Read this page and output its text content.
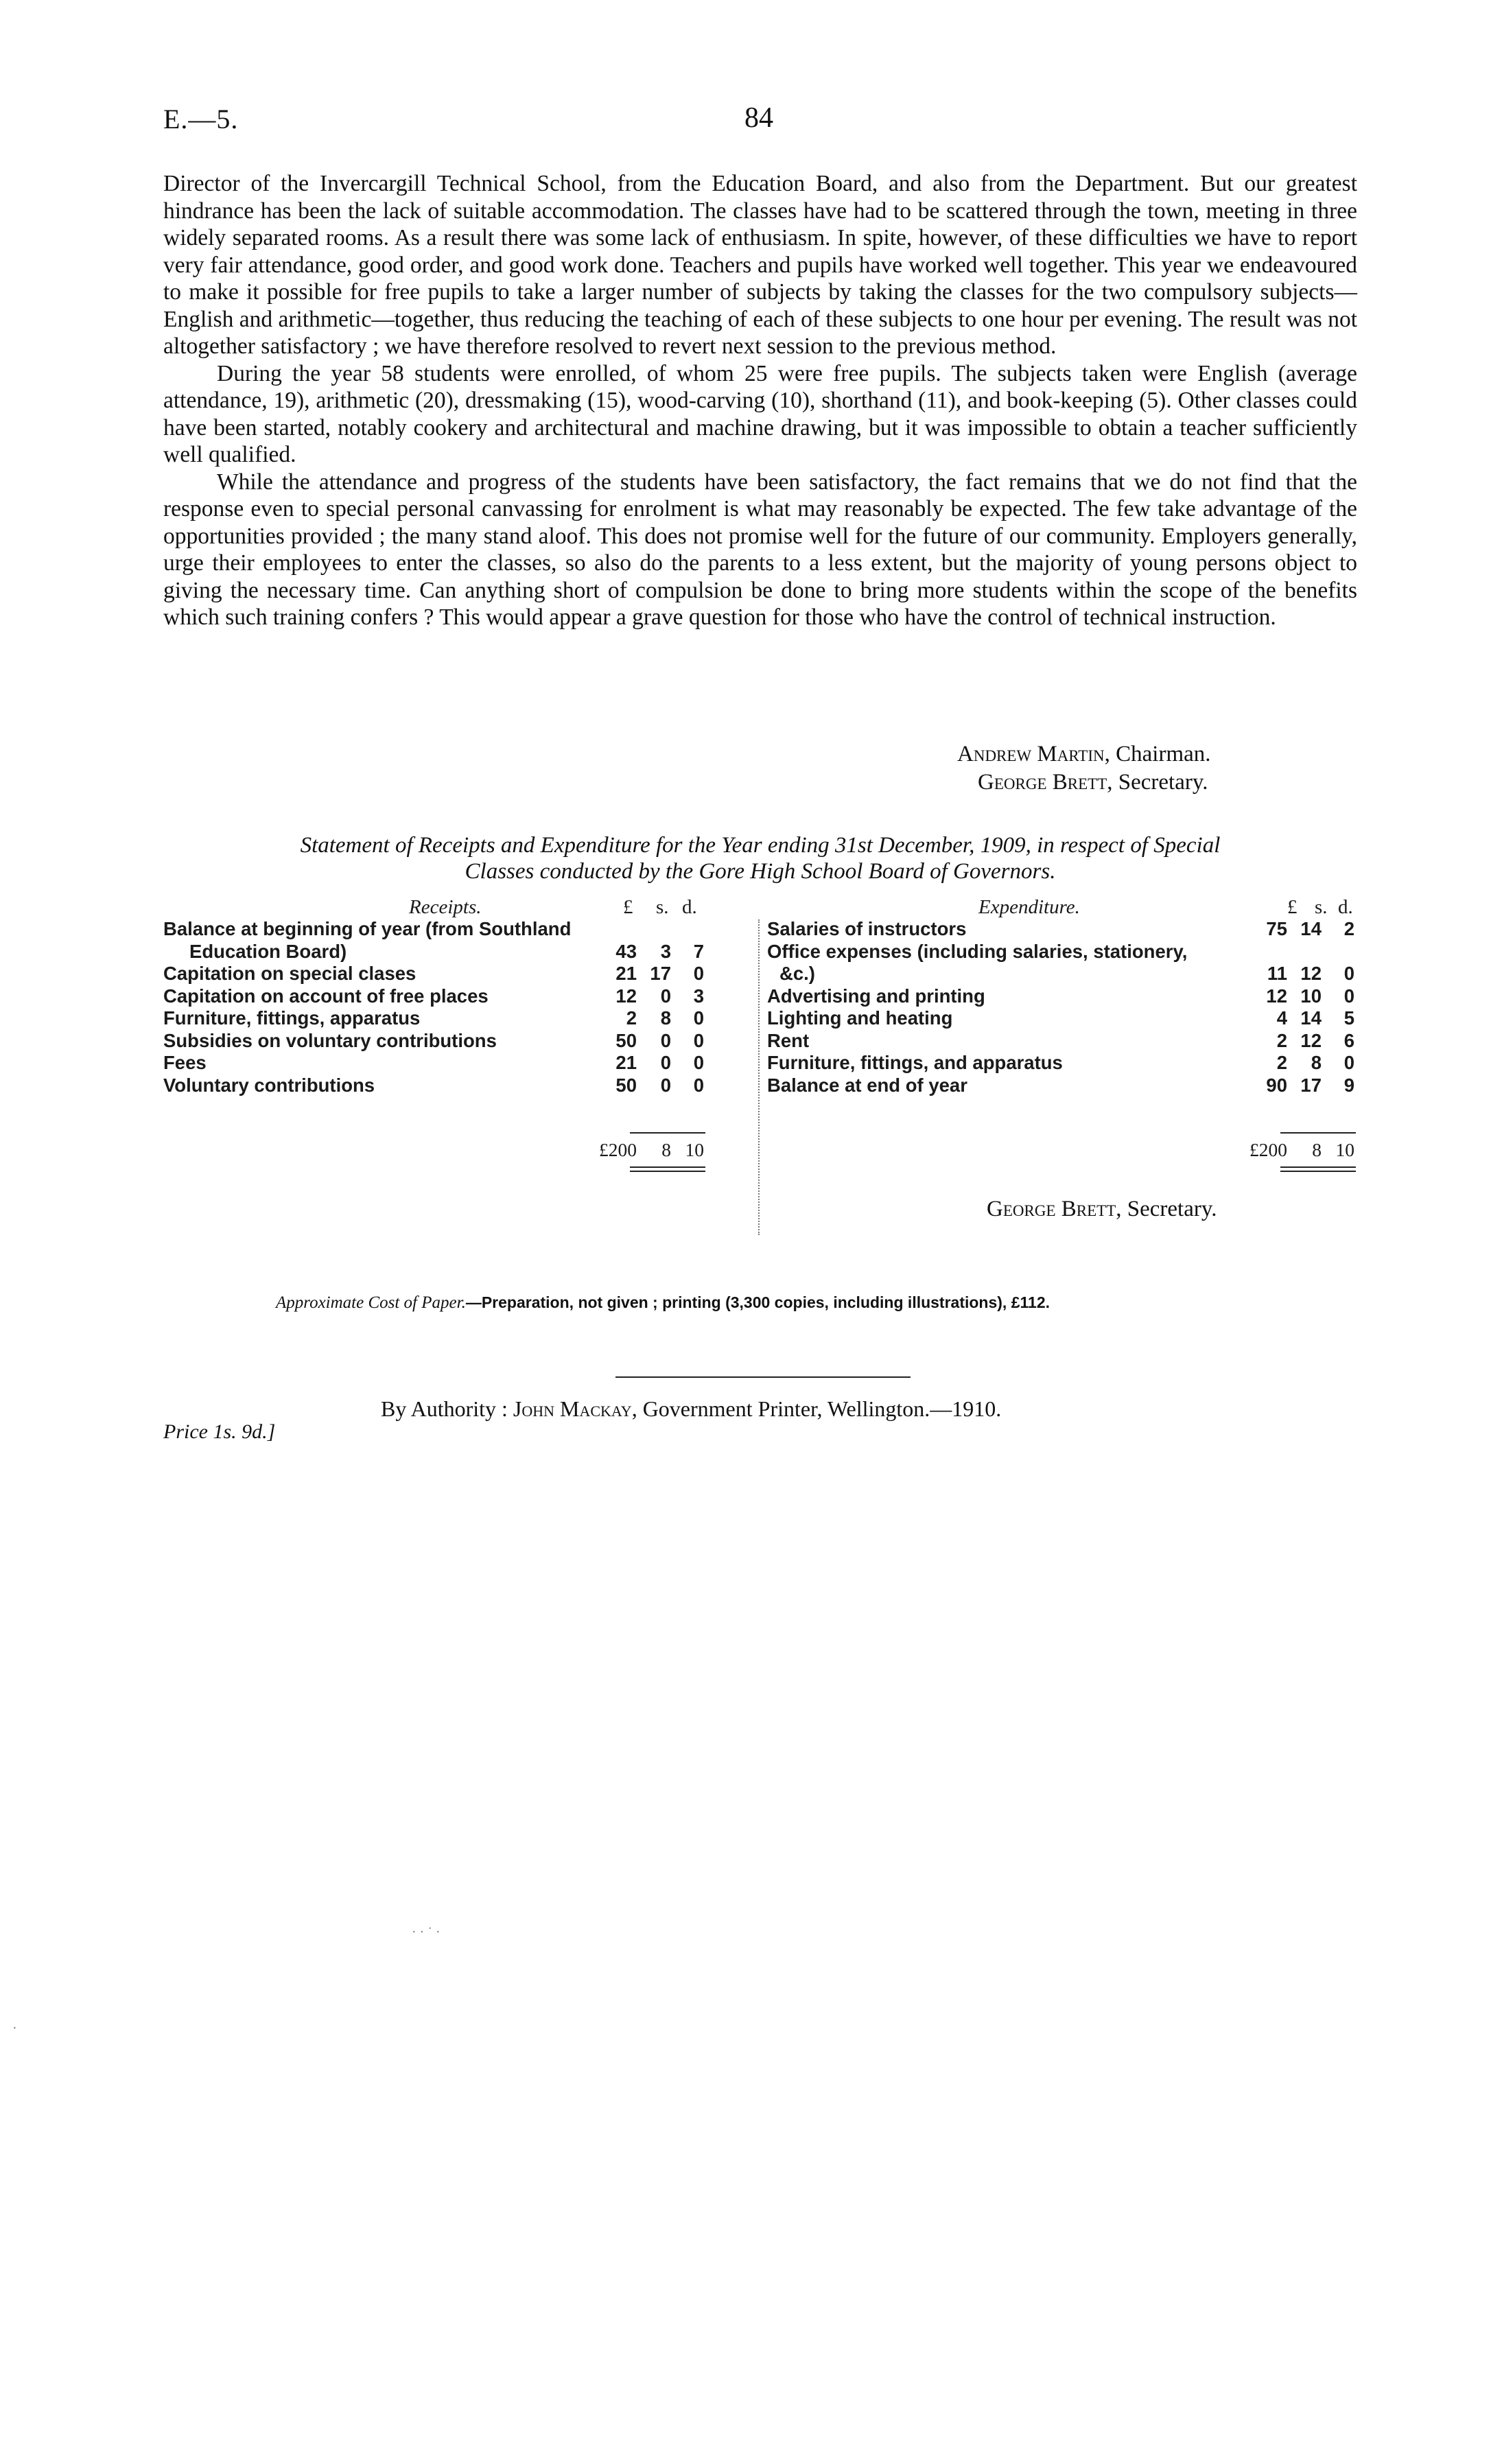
E.—5.	84

Director of the Invercargill Technical School, from the Education Board, and also from the Department. But our greatest hindrance has been the lack of suitable accommodation. The classes have had to be scattered through the town, meeting in three widely separated rooms. As a result there was some lack of enthusiasm. In spite, however, of these difficulties we have to report very fair attendance, good order, and good work done. Teachers and pupils have worked well together. This year we endeavoured to make it possible for free pupils to take a larger number of subjects by taking the classes for the two compulsory subjects—English and arithmetic—together, thus reducing the teaching of each of these subjects to one hour per evening. The result was not altogether satisfactory ; we have therefore resolved to revert next session to the previous method.

During the year 58 students were enrolled, of whom 25 were free pupils. The subjects taken were English (average attendance, 19), arithmetic (20), dressmaking (15), wood-carving (10), shorthand (11), and book-keeping (5). Other classes could have been started, notably cookery and architectural and machine drawing, but it was impossible to obtain a teacher sufficiently well qualified.

While the attendance and progress of the students have been satisfactory, the fact remains that we do not find that the response even to special personal canvassing for enrolment is what may reasonably be expected. The few take advantage of the opportunities provided ; the many stand aloof. This does not promise well for the future of our community. Employers generally, urge their employees to enter the classes, so also do the parents to a less extent, but the majority of young persons object to giving the necessary time. Can anything short of compulsion be done to bring more students within the scope of the benefits which such training confers ? This would appear a grave question for those who have the control of technical instruction.

Andrew Martin, Chairman.
George Brett, Secretary.
Statement of Receipts and Expenditure for the Year ending 31st December, 1909, in respect of Special
Classes conducted by the Gore High School Board of Governors.
Receipts.	£ s. d.
Balance at beginning of year (from Southland
Education Board)	43	3	7
Capitation on special clases	21 17	0
Capitation on account of free places	12	0	3
Furniture, fittings, apparatus	2	8	0
Subsidies on voluntary contributions	50	0	0
Fees	21	0	0
Voluntary contributions	50	0	0
£200	8 10
Expenditure.	£ s. d.
Salaries of instructors	75 14	2
Office expenses (including salaries, stationery,
&c.)	11 12	0
Advertising and printing	12 10	0
Lighting and heating	4 14	5
Rent	2 12	6
Furniture, fittings, and apparatus	2	8	0
Balance at end of year	90 17	9
£200	8 10
George Brett, Secretary.
Approximate Cost of Paper.—Preparation, not given ; printing (3,300 copies, including illustrations), £112.
By Authority : John Mackay, Government Printer, Wellington.—1910.
Price 1s. 9d.]
· · ˙ ·
·
